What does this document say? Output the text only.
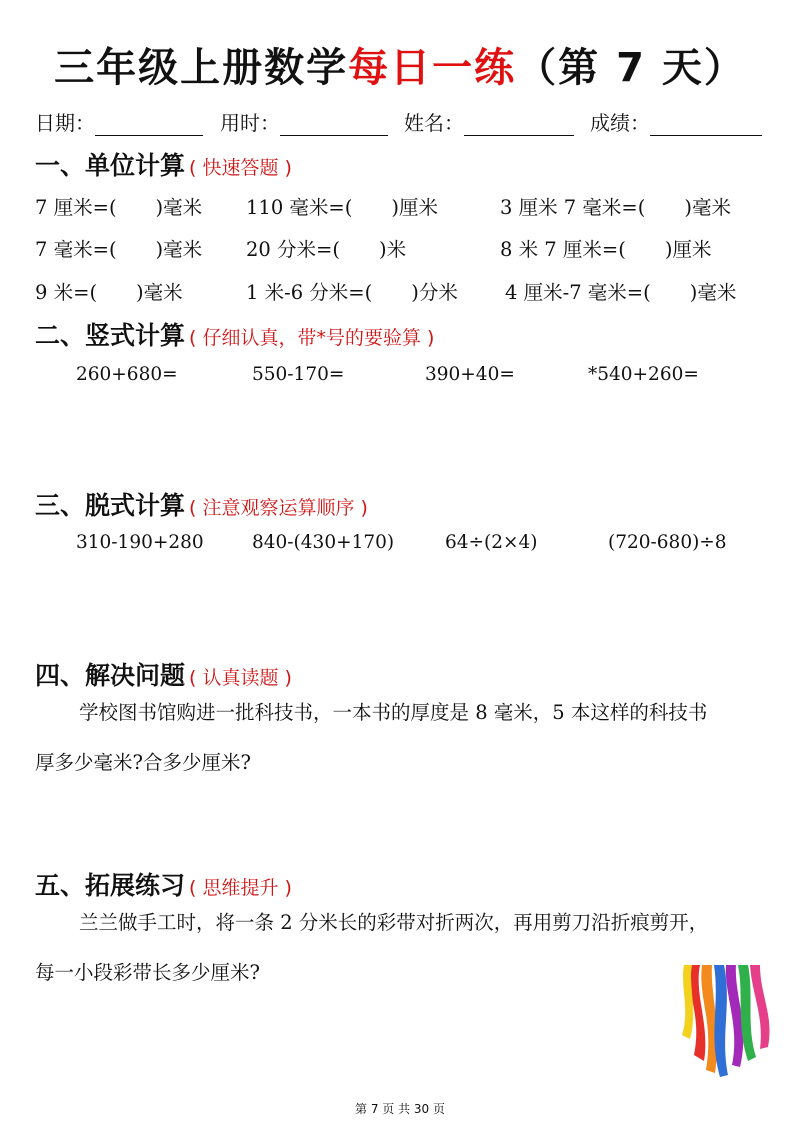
三年级上册数学每日一练（第 7 天）
日期：	用时：	姓名：	成绩：
一、单位计算 ( 快速答题 )
7 厘米=(　　)毫米 110 毫米=(　　)厘米	3 厘米 7 毫米=(　　)毫米
7 毫米=(　　)毫米 20 分米=(　　)米	8 米 7 厘米=(　　)厘米
9 米=(　　)毫米	1 米-6 分米=(　　)分米 4 厘米-7 毫米=(　　)毫米
二、竖式计算 ( 仔细认真，带*号的要验算 )
260+680=	550-170=	390+40=	*540+260=
三、脱式计算 ( 注意观察运算顺序 )
310-190+280	840-(430+170)	64÷(2×4)	(720-680)÷8
四、解决问题 ( 认真读题 )
学校图书馆购进一批科技书，一本书的厚度是 8 毫米，5 本这样的科技书
厚多少毫米?合多少厘米?
五、拓展练习 ( 思维提升 )
兰兰做手工时，将一条 2 分米长的彩带对折两次，再用剪刀沿折痕剪开，
每一小段彩带长多少厘米?
第 7 页 共 30 页
